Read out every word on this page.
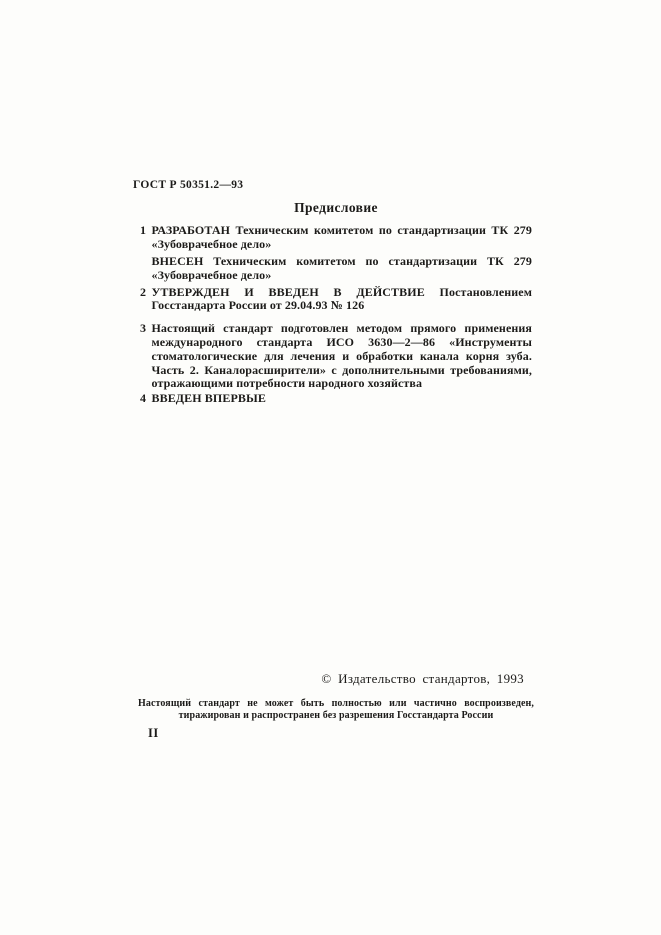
ГОСТ Р 50351.2—93
Предисловие
1 РАЗРАБОТАН Техническим комитетом по стандартизации ТК 279 «Зубоврачебное дело»
ВНЕСЕН Техническим комитетом по стандартизации ТК 279 «Зубоврачебное дело»
2 УТВЕРЖДЕН И ВВЕДЕН В ДЕЙСТВИЕ Постановлением Госстандарта России от 29.04.93 № 126
3 Настоящий стандарт подготовлен методом прямого применения международного стандарта ИСО 3630—2—86 «Инструменты стоматологические для лечения и обработки канала корня зуба. Часть 2. Каналорасширители» с дополнительными требованиями, отражающими потребности народного хозяйства
4 ВВЕДЕН ВПЕРВЫЕ
© Издательство стандартов, 1993
Настоящий стандарт не может быть полностью или частично воспроизведен, тиражирован и распространен без разрешения Госстандарта России
II
